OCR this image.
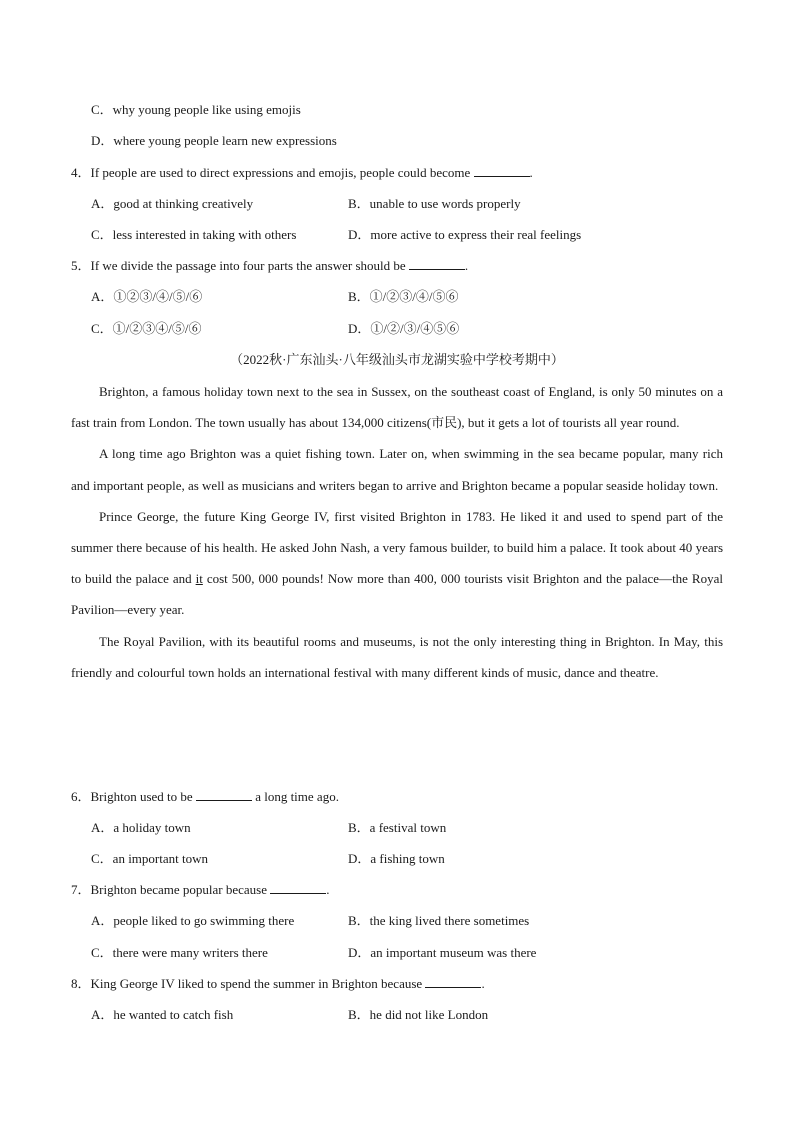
C．why young people like using emojis
D．where young people learn new expressions
4．If people are used to direct expressions and emojis, people could become	.
A．good at thinking creatively	B．unable to use words properly
C．less interested in taking with others	D．more active to express their real feelings
5．If we divide the passage into four parts the answer should be	.
A．①②③/④/⑤/⑥	B．①/②③/④/⑤⑥
C．①/②③④/⑤/⑥	D．①/②/③/④⑤⑥
（2022秋·广东汕头·八年级汕头市龙湖实验中学校考期中）

Brighton, a famous holiday town next to the sea in Sussex, on the southeast coast of England, is only 50 minutes on a fast train from London. The town usually has about 134,000 citizens(市民), but it gets a lot of tourists all year round.

A long time ago Brighton was a quiet fishing town. Later on, when swimming in the sea became popular, many rich and important people, as well as musicians and writers began to arrive and Brighton became a popular seaside holiday town.

Prince George, the future King George IV, first visited Brighton in 1783. He liked it and used to spend part of the summer there because of his health. He asked John Nash, a very famous builder, to build him a palace. It took about 40 years to build the palace and it cost 500, 000 pounds! Now more than 400, 000 tourists visit Brighton and the palace—the Royal Pavilion—every year.

The Royal Pavilion, with its beautiful rooms and museums, is not the only interesting thing in Brighton. In May, this friendly and colourful town holds an international festival with many different kinds of music, dance and theatre.

6．Brighton used to be	a long time ago.
A．a holiday town	B．a festival town
C．an important town	D．a fishing town
7．Brighton became popular because	.
A．people liked to go swimming there	B．the king lived there sometimes
C．there were many writers there	D．an important museum was there
8．King George IV liked to spend the summer in Brighton because	.
A．he wanted to catch fish	B．he did not like London
